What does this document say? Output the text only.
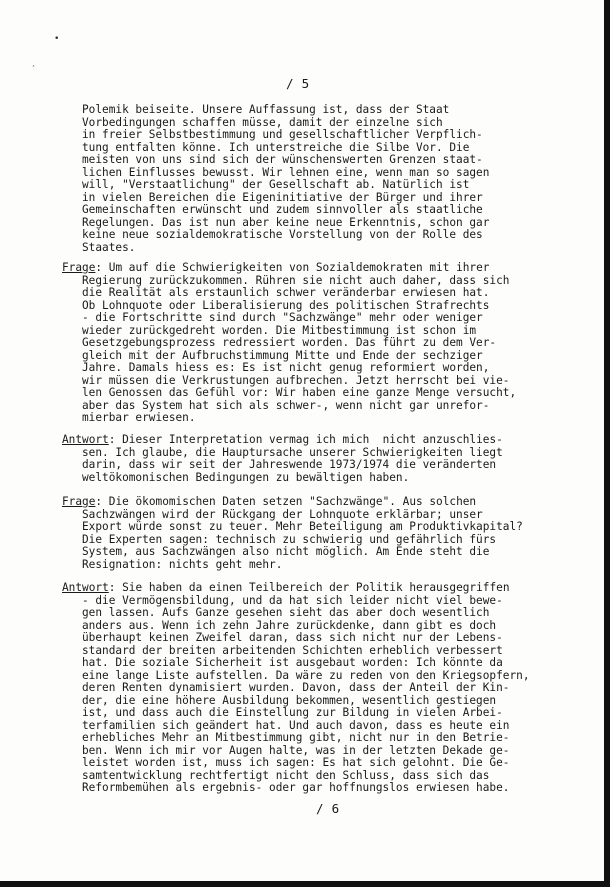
•
˰
/ 5
Polemik beiseite. Unsere Auffassung ist, dass der Staat
Vorbedingungen schaffen müsse, damit der einzelne sich
in freier Selbstbestimmung und gesellschaftlicher Verpflich-
tung entfalten könne. Ich unterstreiche die Silbe Vor. Die
meisten von uns sind sich der wünschenswerten Grenzen staat-
lichen Einflusses bewusst. Wir lehnen eine, wenn man so sagen
will, "Verstaatlichung" der Gesellschaft ab. Natürlich ist
in vielen Bereichen die Eigeninitiative der Bürger und ihrer
Gemeinschaften erwünscht und zudem sinnvoller als staatliche
Regelungen. Das ist nun aber keine neue Erkenntnis, schon gar
keine neue sozialdemokratische Vorstellung von der Rolle des
Staates.
Frage: Um auf die Schwierigkeiten von Sozialdemokraten mit ihrer
Regierung zurückzukommen. Rühren sie nicht auch daher, dass sich
die Realität als erstaunlich schwer veränderbar erwiesen hat.
Ob Lohnquote oder Liberalisierung des politischen Strafrechts
- die Fortschritte sind durch "Sachzwänge" mehr oder weniger
wieder zurückgedreht worden. Die Mitbestimmung ist schon im
Gesetzgebungsprozess redressiert worden. Das führt zu dem Ver-
gleich mit der Aufbruchstimmung Mitte und Ende der sechziger
Jahre. Damals hiess es: Es ist nicht genug reformiert worden,
wir müssen die Verkrustungen aufbrechen. Jetzt herrscht bei vie-
len Genossen das Gefühl vor: Wir haben eine ganze Menge versucht,
aber das System hat sich als schwer-, wenn nicht gar unrefor-
mierbar erwiesen.
Antwort: Dieser Interpretation vermag ich mich  nicht anzuschlies-
sen. Ich glaube, die Hauptursache unserer Schwierigkeiten liegt
darin, dass wir seit der Jahreswende 1973/1974 die veränderten
weltökomonischen Bedingungen zu bewältigen haben.
Frage: Die ökomomischen Daten setzen "Sachzwänge". Aus solchen
Sachzwängen wird der Rückgang der Lohnquote erklärbar; unser
Export würde sonst zu teuer. Mehr Beteiligung am Produktivkapital?
Die Experten sagen: technisch zu schwierig und gefährlich fürs
System, aus Sachzwängen also nicht möglich. Am Ende steht die
Resignation: nichts geht mehr.
Antwort: Sie haben da einen Teilbereich der Politik herausgegriffen
- die Vermögensbildung, und da hat sich leider nicht viel bewe-
gen lassen. Aufs Ganze gesehen sieht das aber doch wesentlich
anders aus. Wenn ich zehn Jahre zurückdenke, dann gibt es doch
überhaupt keinen Zweifel daran, dass sich nicht nur der Lebens-
standard der breiten arbeitenden Schichten erheblich verbessert
hat. Die soziale Sicherheit ist ausgebaut worden: Ich könnte da
eine lange Liste aufstellen. Da wäre zu reden von den Kriegsopfern,
deren Renten dynamisiert wurden. Davon, dass der Anteil der Kin-
der, die eine höhere Ausbildung bekommen, wesentlich gestiegen
ist, und dass auch die Einstellung zur Bildung in vielen Arbei-
terfamilien sich geändert hat. Und auch davon, dass es heute ein
erhebliches Mehr an Mitbestimmung gibt, nicht nur in den Betrie-
ben. Wenn ich mir vor Augen halte, was in der letzten Dekade ge-
leistet worden ist, muss ich sagen: Es hat sich gelohnt. Die Ge-
samtentwicklung rechtfertigt nicht den Schluss, dass sich das
Reformbemühen als ergebnis- oder gar hoffnungslos erwiesen habe.
/ 6
